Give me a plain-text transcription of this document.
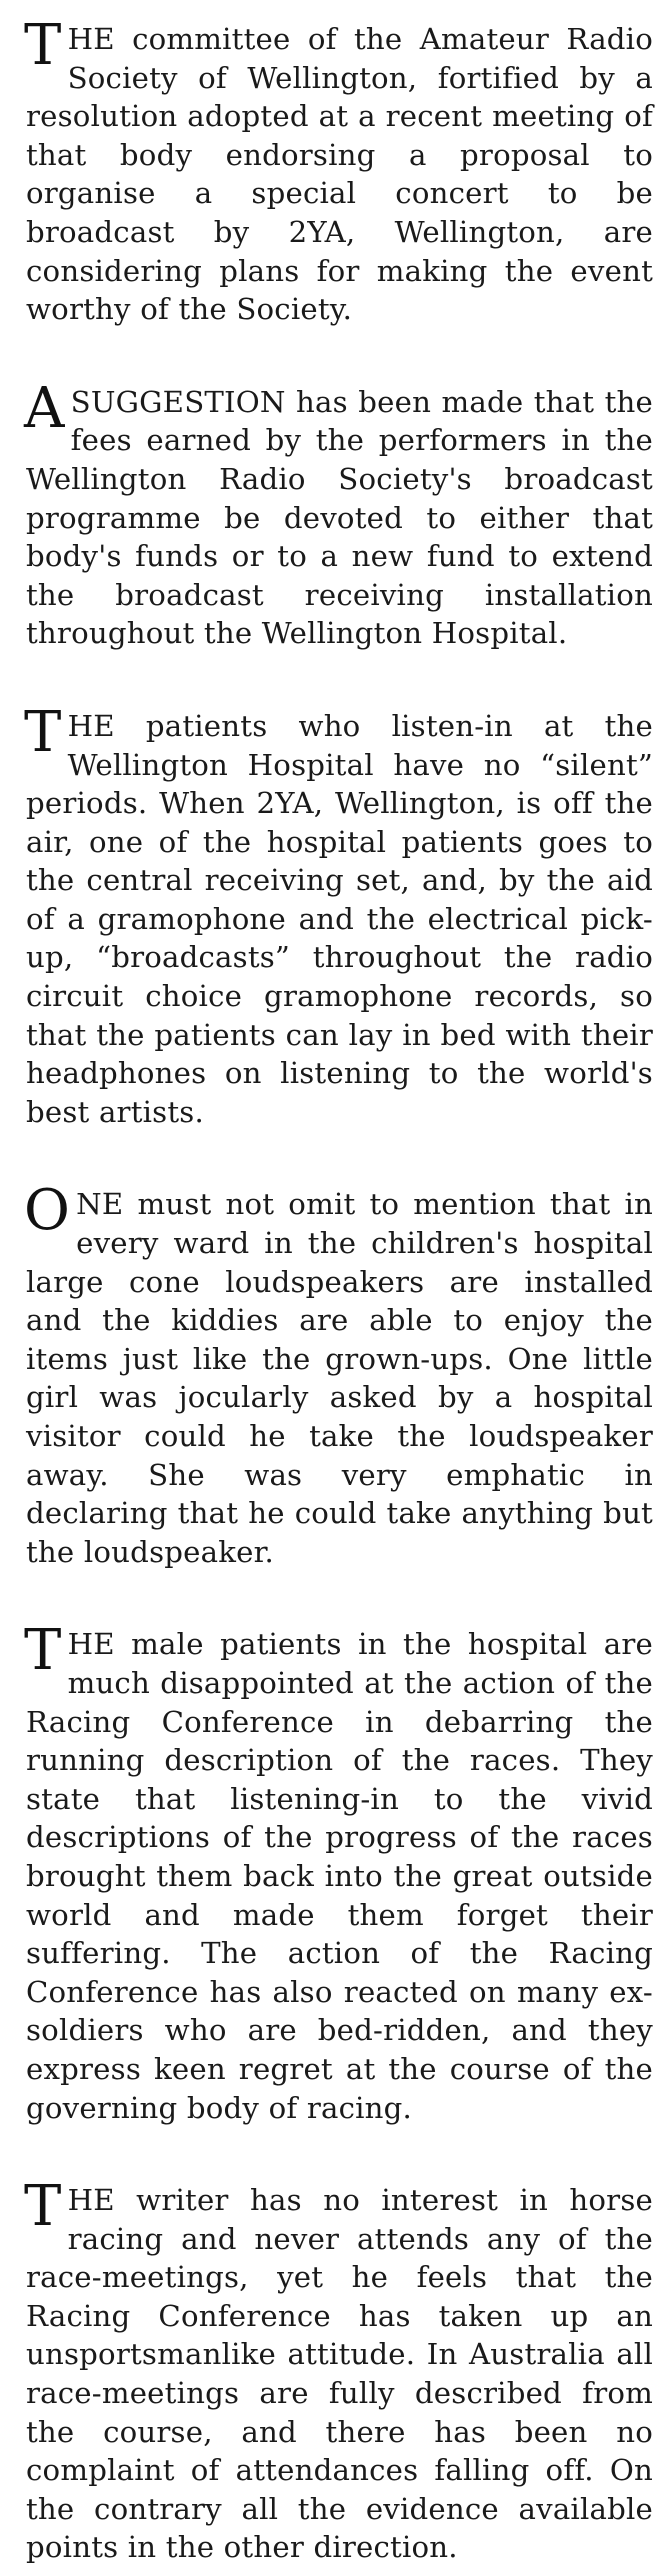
THE committee of the Amateur Radio Society of Wellington, fortified by a resolution adopted at a recent meeting of that body endorsing a proposal to organise a special concert to be broadcast by 2YA, Wellington, are considering plans for making the event worthy of the Society.

A SUGGESTION has been made that the fees earned by the performers in the Wellington Radio Society's broadcast programme be devoted to either that body's funds or to a new fund to extend the broadcast receiving installation throughout the Wellington Hospital.

THE patients who listen-in at the Wellington Hospital have no “silent” periods. When 2YA, Wellington, is off the air, one of the hospital patients goes to the central receiving set, and, by the aid of a gramophone and the electrical pick-up, “broadcasts” throughout the radio circuit choice gramophone records, so that the patients can lay in bed with their headphones on listening to the world's best artists.

ONE must not omit to mention that in every ward in the children's hospital large cone loudspeakers are installed and the kiddies are able to enjoy the items just like the grown-ups. One little girl was jocularly asked by a hospital visitor could he take the loudspeaker away. She was very emphatic in declaring that he could take anything but the loudspeaker.

THE male patients in the hospital are much disappointed at the action of the Racing Conference in debarring the running description of the races. They state that listening-in to the vivid descriptions of the progress of the races brought them back into the great outside world and made them forget their suffering. The action of the Racing Conference has also reacted on many ex-soldiers who are bed-ridden, and they express keen regret at the course of the governing body of racing.

THE writer has no interest in horse racing and never attends any of the race-meetings, yet he feels that the Racing Conference has taken up an unsportsmanlike attitude. In Australia all race-meetings are fully described from the course, and there has been no complaint of attendances falling off. On the contrary all the evidence available points in the other direction.
